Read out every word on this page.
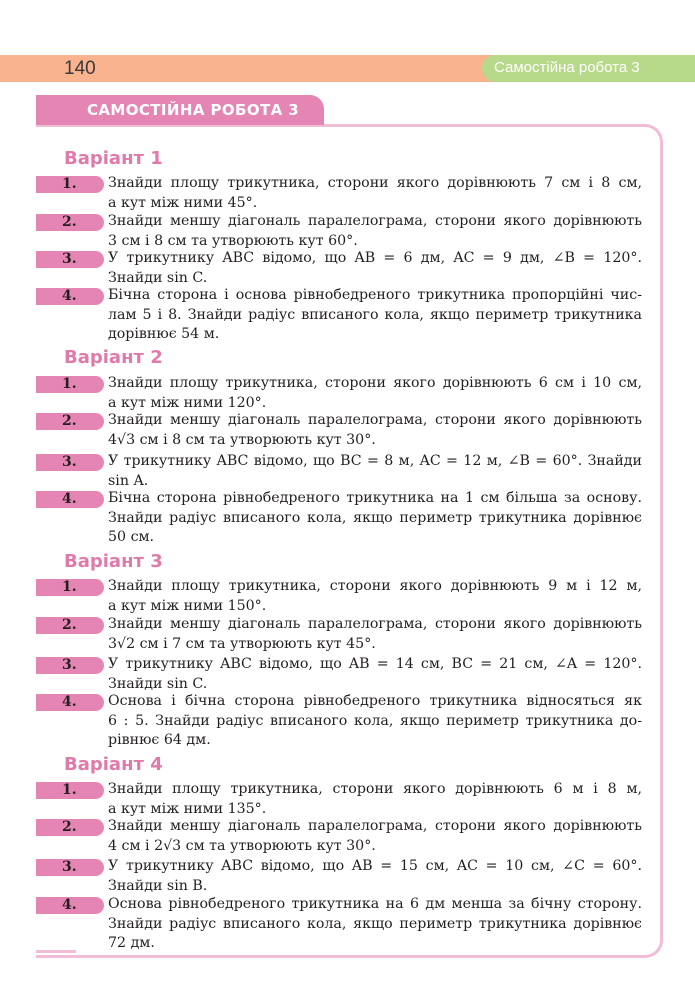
140	Самостійна робота 3
САМОСТІЙНА РОБОТА 3
Варіант 1
1. Знайди площу трикутника, сторони якого дорівнюють 7 см і 8 см,
а кут між ними 45°.
2. Знайди меншу діагональ паралелограма, сторони якого дорівнюють
3 см і 8 см та утворюють кут 60°.
3. У трикутнику ABC відомо, що AB = 6 дм, AC = 9 дм, ∠B = 120°.
Знайди sin C.
4. Бічна сторона і основа рівнобедреного трикутника пропорційні чис-
лам 5 і 8. Знайди радіус вписаного кола, якщо периметр трикутника
дорівнює 54 м.
Варіант 2
1. Знайди площу трикутника, сторони якого дорівнюють 6 см і 10 см,
а кут між ними 120°.
2. Знайди меншу діагональ паралелограма, сторони якого дорівнюють
4√3 см і 8 см та утворюють кут 30°.
3. У трикутнику ABC відомо, що BC = 8 м, AC = 12 м, ∠B = 60°. Знайди
sin A.
4. Бічна сторона рівнобедреного трикутника на 1 см більша за основу.
Знайди радіус вписаного кола, якщо периметр трикутника дорівнює
50 см.
Варіант 3
1. Знайди площу трикутника, сторони якого дорівнюють 9 м і 12 м,
а кут між ними 150°.
2. Знайди меншу діагональ паралелограма, сторони якого дорівнюють
3√2 см і 7 см та утворюють кут 45°.
3. У трикутнику ABC відомо, що AB = 14 см, BC = 21 см, ∠A = 120°.
Знайди sin C.
4. Основа і бічна сторона рівнобедреного трикутника відносяться як
6 : 5. Знайди радіус вписаного кола, якщо периметр трикутника до-
рівнює 64 дм.
Варіант 4
1. Знайди площу трикутника, сторони якого дорівнюють 6 м і 8 м,
а кут між ними 135°.
2. Знайди меншу діагональ паралелограма, сторони якого дорівнюють
4 см і 2√3 см та утворюють кут 30°.
3. У трикутнику ABC відомо, що AB = 15 см, AC = 10 см, ∠C = 60°.
Знайди sin B.
4. Основа рівнобедреного трикутника на 6 дм менша за бічну сторону.
Знайди радіус вписаного кола, якщо периметр трикутника дорівнює
72 дм.
